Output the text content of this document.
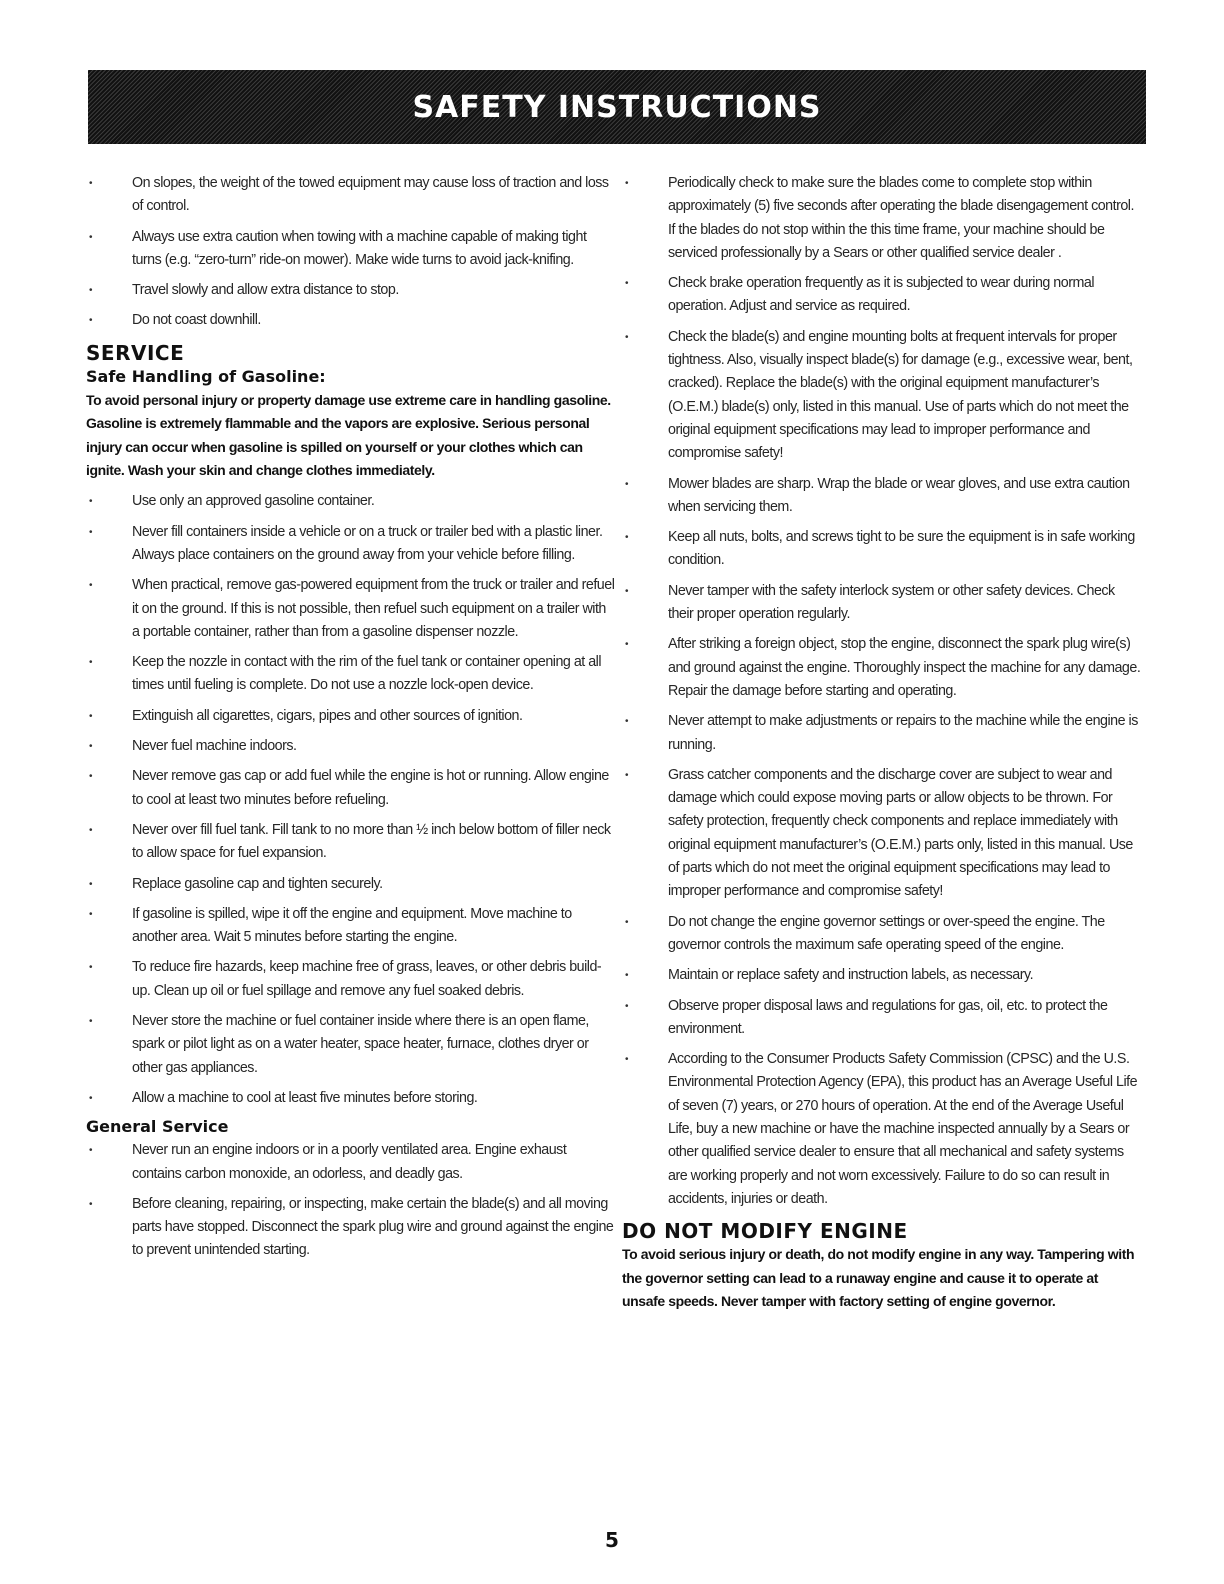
SAFETY INSTRUCTIONS
•	On slopes, the weight of the towed equipment may cause loss of traction and loss of control.
•	Always use extra caution when towing with a machine capable of making tight turns (e.g. “zero-turn” ride-on mower). Make wide turns to avoid jack-knifing.
•	Travel slowly and allow extra distance to stop.
•	Do not coast downhill.
SERVICE
Safe Handling of Gasoline:

To avoid personal injury or property damage use extreme care in handling gasoline. Gasoline is extremely flammable and the vapors are explosive. Serious personal injury can occur when gasoline is spilled on yourself or your clothes which can ignite. Wash your skin and change clothes immediately.

•	Use only an approved gasoline container.
•	Never fill containers inside a vehicle or on a truck or trailer bed with a plastic liner. Always place containers on the ground away from your vehicle before filling.
•	When practical, remove gas-powered equipment from the truck or trailer and refuel it on the ground. If this is not possible, then refuel such equipment on a trailer with a portable container, rather than from a gasoline dispenser nozzle.
•	Keep the nozzle in contact with the rim of the fuel tank or container opening at all times until fueling is complete. Do not use a nozzle lock-open device.
•	Extinguish all cigarettes, cigars, pipes and other sources of ignition.
•	Never fuel machine indoors.
•	Never remove gas cap or add fuel while the engine is hot or running. Allow engine to cool at least two minutes before refueling.
•	Never over fill fuel tank. Fill tank to no more than ½ inch below bottom of filler neck to allow space for fuel expansion.
•	Replace gasoline cap and tighten securely.
•	If gasoline is spilled, wipe it off the engine and equipment. Move machine to another area. Wait 5 minutes before starting the engine.
•	To reduce fire hazards, keep machine free of grass, leaves, or other debris build-up. Clean up oil or fuel spillage and remove any fuel soaked debris.
•	Never store the machine or fuel container inside where there is an open flame, spark or pilot light as on a water heater, space heater, furnace, clothes dryer or other gas appliances.
•	Allow a machine to cool at least five minutes before storing.
General Service
•	Never run an engine indoors or in a poorly ventilated area. Engine exhaust contains carbon monoxide, an odorless, and deadly gas.
•	Before cleaning, repairing, or inspecting, make certain the blade(s) and all moving parts have stopped. Disconnect the spark plug wire and ground against the engine to prevent unintended starting.
•	Periodically check to make sure the blades come to complete stop within approximately (5) five seconds after operating the blade disengagement control. If the blades do not stop within the this time frame, your machine should be serviced professionally by a Sears or other qualified service dealer .
•	Check brake operation frequently as it is subjected to wear during normal operation. Adjust and service as required.
•	Check the blade(s) and engine mounting bolts at frequent intervals for proper tightness. Also, visually inspect blade(s) for damage (e.g., excessive wear, bent, cracked). Replace the blade(s) with the original equipment manufacturer’s (O.E.M.) blade(s) only, listed in this manual. Use of parts which do not meet the original equipment specifications may lead to improper performance and compromise safety!
•	Mower blades are sharp. Wrap the blade or wear gloves, and use extra caution when servicing them.
•	Keep all nuts, bolts, and screws tight to be sure the equipment is in safe working condition.
•	Never tamper with the safety interlock system or other safety devices. Check their proper operation regularly.
•	After striking a foreign object, stop the engine, disconnect the spark plug wire(s) and ground against the engine. Thoroughly inspect the machine for any damage. Repair the damage before starting and operating.
•	Never attempt to make adjustments or repairs to the machine while the engine is running.
•	Grass catcher components and the discharge cover are subject to wear and damage which could expose moving parts or allow objects to be thrown. For safety protection, frequently check components and replace immediately with original equipment manufacturer’s (O.E.M.) parts only, listed in this manual. Use of parts which do not meet the original equipment specifications may lead to improper performance and compromise safety!
•	Do not change the engine governor settings or over-speed the engine. The governor controls the maximum safe operating speed of the engine.
•	Maintain or replace safety and instruction labels, as necessary.
•	Observe proper disposal laws and regulations for gas, oil, etc. to protect the environment.
•	According to the Consumer Products Safety Commission (CPSC) and the U.S. Environmental Protection Agency (EPA), this product has an Average Useful Life of seven (7) years, or 270 hours of operation. At the end of the Average Useful Life, buy a new machine or have the machine inspected annually by a Sears or other qualified service dealer to ensure that all mechanical and safety systems are working properly and not worn excessively. Failure to do so can result in accidents, injuries or death.
DO NOT MODIFY ENGINE

To avoid serious injury or death, do not modify engine in any way. Tampering with the governor setting can lead to a runaway engine and cause it to operate at unsafe speeds. Never tamper with factory setting of engine governor.

5
